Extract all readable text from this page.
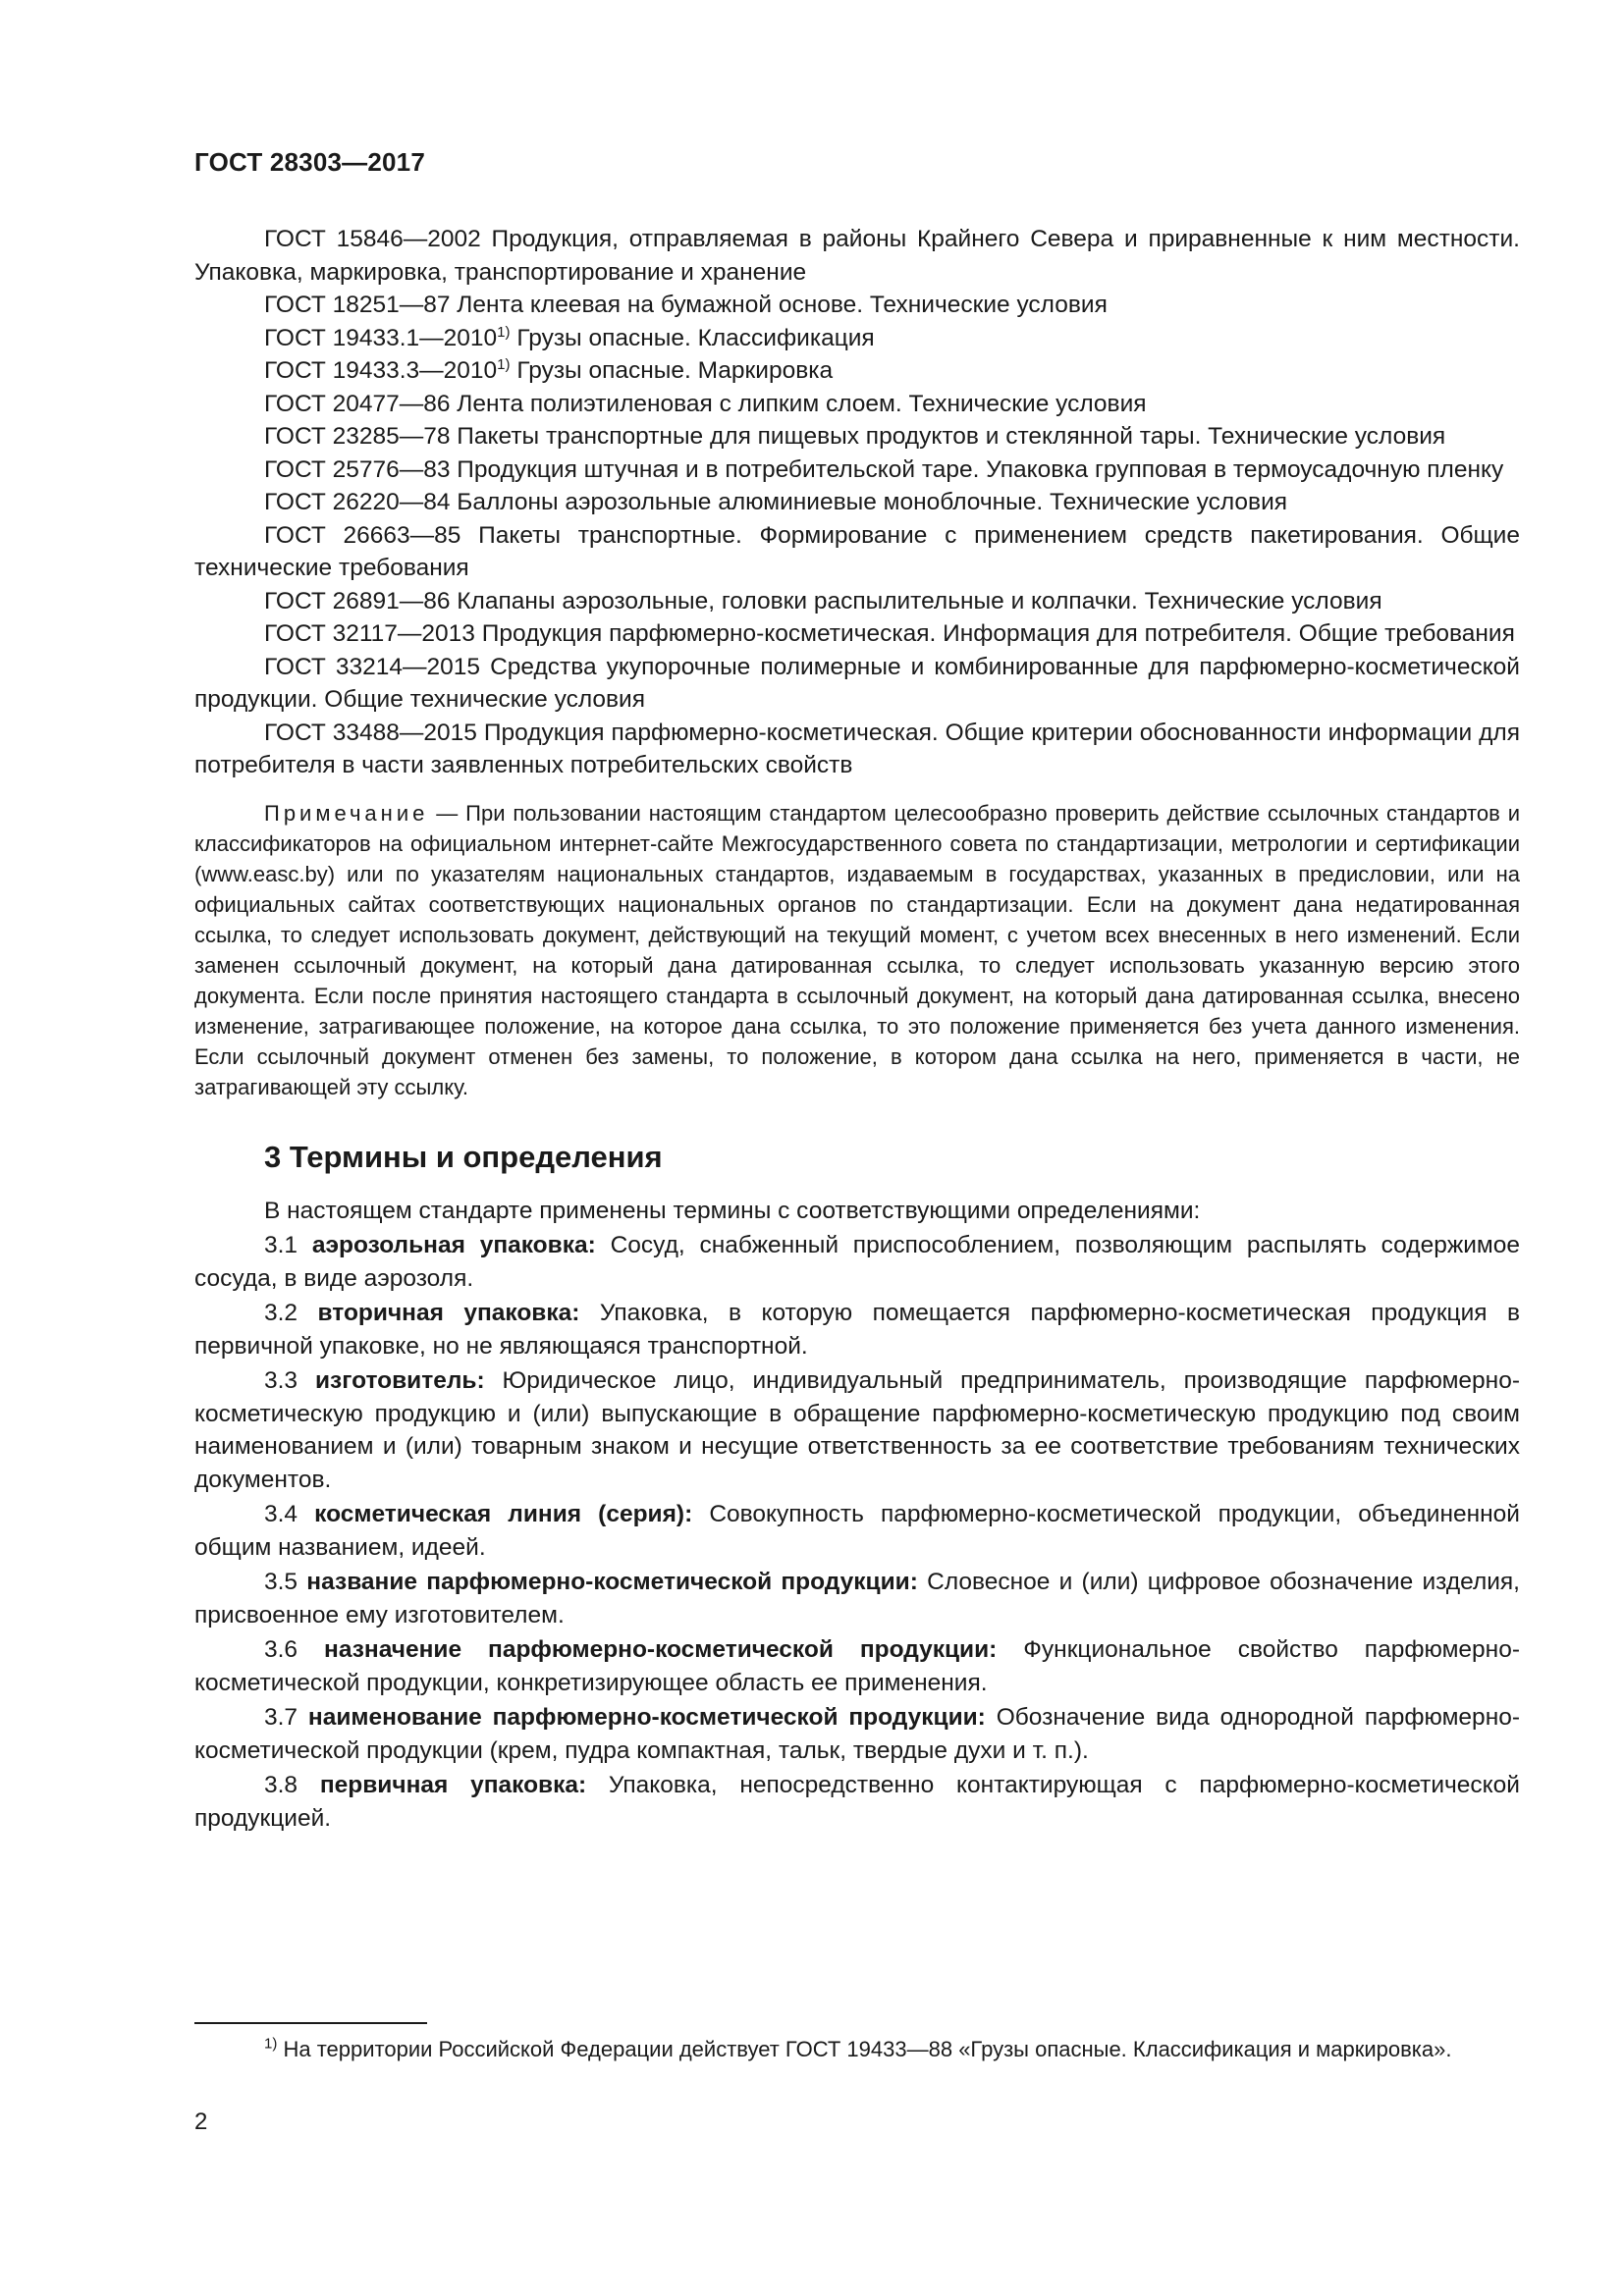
ГОСТ 28303—2017

ГОСТ 15846—2002 Продукция, отправляемая в районы Крайнего Севера и приравненные к ним местности. Упаковка, маркировка, транспортирование и хранение

ГОСТ 18251—87 Лента клеевая на бумажной основе. Технические условия

ГОСТ 19433.1—2010$^{1)}$ Грузы опасные. Классификация

ГОСТ 19433.3—2010$^{1)}$ Грузы опасные. Маркировка

ГОСТ 20477—86 Лента полиэтиленовая с липким слоем. Технические условия

ГОСТ 23285—78 Пакеты транспортные для пищевых продуктов и стеклянной тары. Технические условия

ГОСТ 25776—83 Продукция штучная и в потребительской таре. Упаковка групповая в термоусадочную пленку

ГОСТ 26220—84 Баллоны аэрозольные алюминиевые моноблочные. Технические условия

ГОСТ 26663—85 Пакеты транспортные. Формирование с применением средств пакетирования. Общие технические требования

ГОСТ 26891—86 Клапаны аэрозольные, головки распылительные и колпачки. Технические условия

ГОСТ 32117—2013 Продукция парфюмерно-косметическая. Информация для потребителя. Общие требования

ГОСТ 33214—2015 Средства укупорочные полимерные и комбинированные для парфюмерно-косметической продукции. Общие технические условия

ГОСТ 33488—2015 Продукция парфюмерно-косметическая. Общие критерии обоснованности информации для потребителя в части заявленных потребительских свойств

Примечание — При пользовании настоящим стандартом целесообразно проверить действие ссылочных стандартов и классификаторов на официальном интернет-сайте Межгосударственного совета по стандартизации, метрологии и сертификации (www.easc.by) или по указателям национальных стандартов, издаваемым в государствах, указанных в предисловии, или на официальных сайтах соответствующих национальных органов по стандартизации. Если на документ дана недатированная ссылка, то следует использовать документ, действующий на текущий момент, с учетом всех внесенных в него изменений. Если заменен ссылочный документ, на который дана датированная ссылка, то следует использовать указанную версию этого документа. Если после принятия настоящего стандарта в ссылочный документ, на который дана датированная ссылка, внесено изменение, затрагивающее положение, на которое дана ссылка, то это положение применяется без учета данного изменения. Если ссылочный документ отменен без замены, то положение, в котором дана ссылка на него, применяется в части, не затрагивающей эту ссылку.

3 Термины и определения

В настоящем стандарте применены термины с соответствующими определениями:

3.1 аэрозольная упаковка: Сосуд, снабженный приспособлением, позволяющим распылять содержимое сосуда, в виде аэрозоля.

3.2 вторичная упаковка: Упаковка, в которую помещается парфюмерно-косметическая продукция в первичной упаковке, но не являющаяся транспортной.

3.3 изготовитель: Юридическое лицо, индивидуальный предприниматель, производящие парфюмерно-косметическую продукцию и (или) выпускающие в обращение парфюмерно-косметическую продукцию под своим наименованием и (или) товарным знаком и несущие ответственность за ее соответствие требованиям технических документов.

3.4 косметическая линия (серия): Совокупность парфюмерно-косметической продукции, объединенной общим названием, идеей.

3.5 название парфюмерно-косметической продукции: Словесное и (или) цифровое обозначение изделия, присвоенное ему изготовителем.

3.6 назначение парфюмерно-косметической продукции: Функциональное свойство парфюмерно-косметической продукции, конкретизирующее область ее применения.

3.7 наименование парфюмерно-косметической продукции: Обозначение вида однородной парфюмерно-косметической продукции (крем, пудра компактная, тальк, твердые духи и т. п.).

3.8 первичная упаковка: Упаковка, непосредственно контактирующая с парфюмерно-косметической продукцией.

$^{1)}$ На территории Российской Федерации действует ГОСТ 19433—88 «Грузы опасные. Классификация и маркировка».

2
